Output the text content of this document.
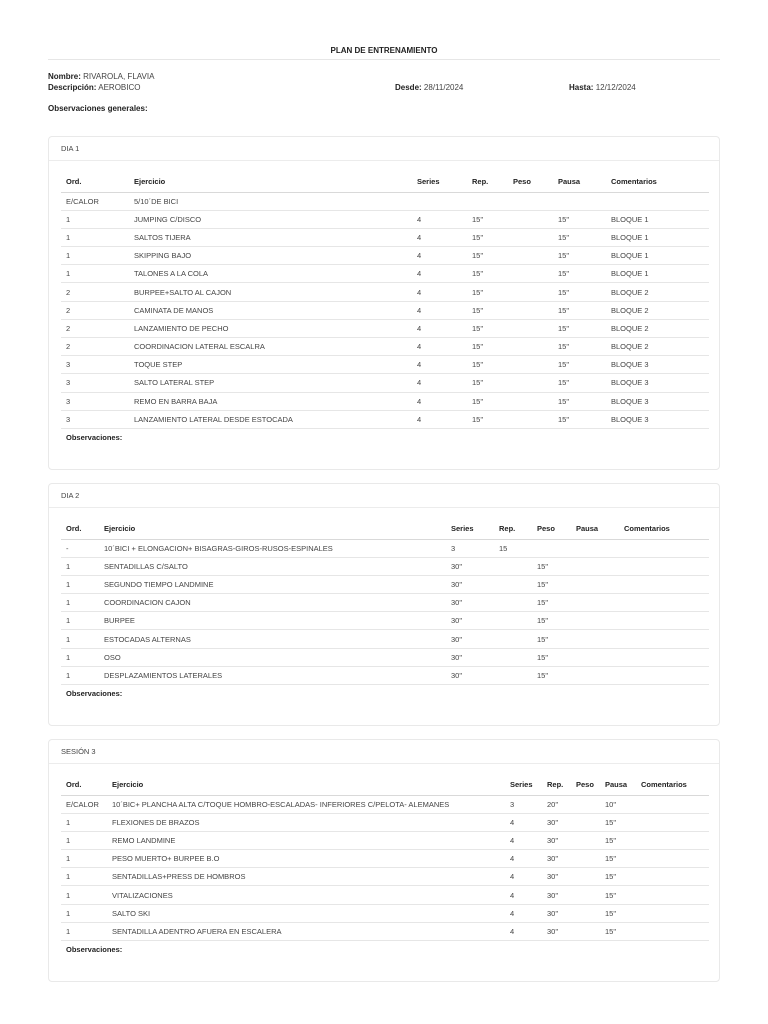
PLAN DE ENTRENAMIENTO
Nombre: RIVAROLA, FLAVIA
Descripción: AEROBICO	Desde: 28/11/2024	Hasta: 12/12/2024
Observaciones generales:
DIA 1
Ord.	Ejercicio	Series	Rep.	Peso	Pausa	Comentarios
E/CALOR	5/10´DE BICI					
1	JUMPING C/DISCO	4	15''		15"	BLOQUE 1
1	SALTOS TIJERA	4	15''		15"	BLOQUE 1
1	SKIPPING BAJO	4	15''		15"	BLOQUE 1
1	TALONES A LA COLA	4	15''		15"	BLOQUE 1
2	BURPEE+SALTO AL CAJON	4	15''		15"	BLOQUE 2
2	CAMINATA DE MANOS	4	15''		15"	BLOQUE 2
2	LANZAMIENTO DE PECHO	4	15''		15"	BLOQUE 2
2	COORDINACION LATERAL ESCALRA	4	15''		15"	BLOQUE 2
3	TOQUE STEP	4	15''		15"	BLOQUE 3
3	SALTO LATERAL STEP	4	15''		15"	BLOQUE 3
3	REMO EN BARRA BAJA	4	15''		15"	BLOQUE 3
3	LANZAMIENTO LATERAL DESDE ESTOCADA	4	15''		15"	BLOQUE 3
Observaciones:
DIA 2
Ord.	Ejercicio	Series	Rep.	Peso	Pausa	Comentarios
-	10´BICI + ELONGACION+ BISAGRAS-GIROS-RUSOS-ESPINALES	3	15			
1	SENTADILLAS C/SALTO	30"		15"		
1	SEGUNDO TIEMPO LANDMINE	30"		15"		
1	COORDINACION CAJON	30"		15"		
1	BURPEE	30"		15"		
1	ESTOCADAS ALTERNAS	30"		15"		
1	OSO	30"		15"		
1	DESPLAZAMIENTOS LATERALES	30"		15"		
Observaciones:
SESIÓN 3
Ord.	Ejercicio	Series	Rep.	Peso	Pausa	Comentarios
E/CALOR	10´BIC+ PLANCHA ALTA C/TOQUE HOMBRO-ESCALADAS- INFERIORES C/PELOTA- ALEMANES	3	20''		10"	
1	FLEXIONES DE BRAZOS	4	30''		15"	
1	REMO LANDMINE	4	30''		15"	
1	PESO MUERTO+ BURPEE B.O	4	30''		15"	
1	SENTADILLAS+PRESS DE HOMBROS	4	30''		15"	
1	VITALIZACIONES	4	30''		15"	
1	SALTO SKI	4	30''		15"	
1	SENTADILLA ADENTRO AFUERA EN ESCALERA	4	30''		15"	
Observaciones:
